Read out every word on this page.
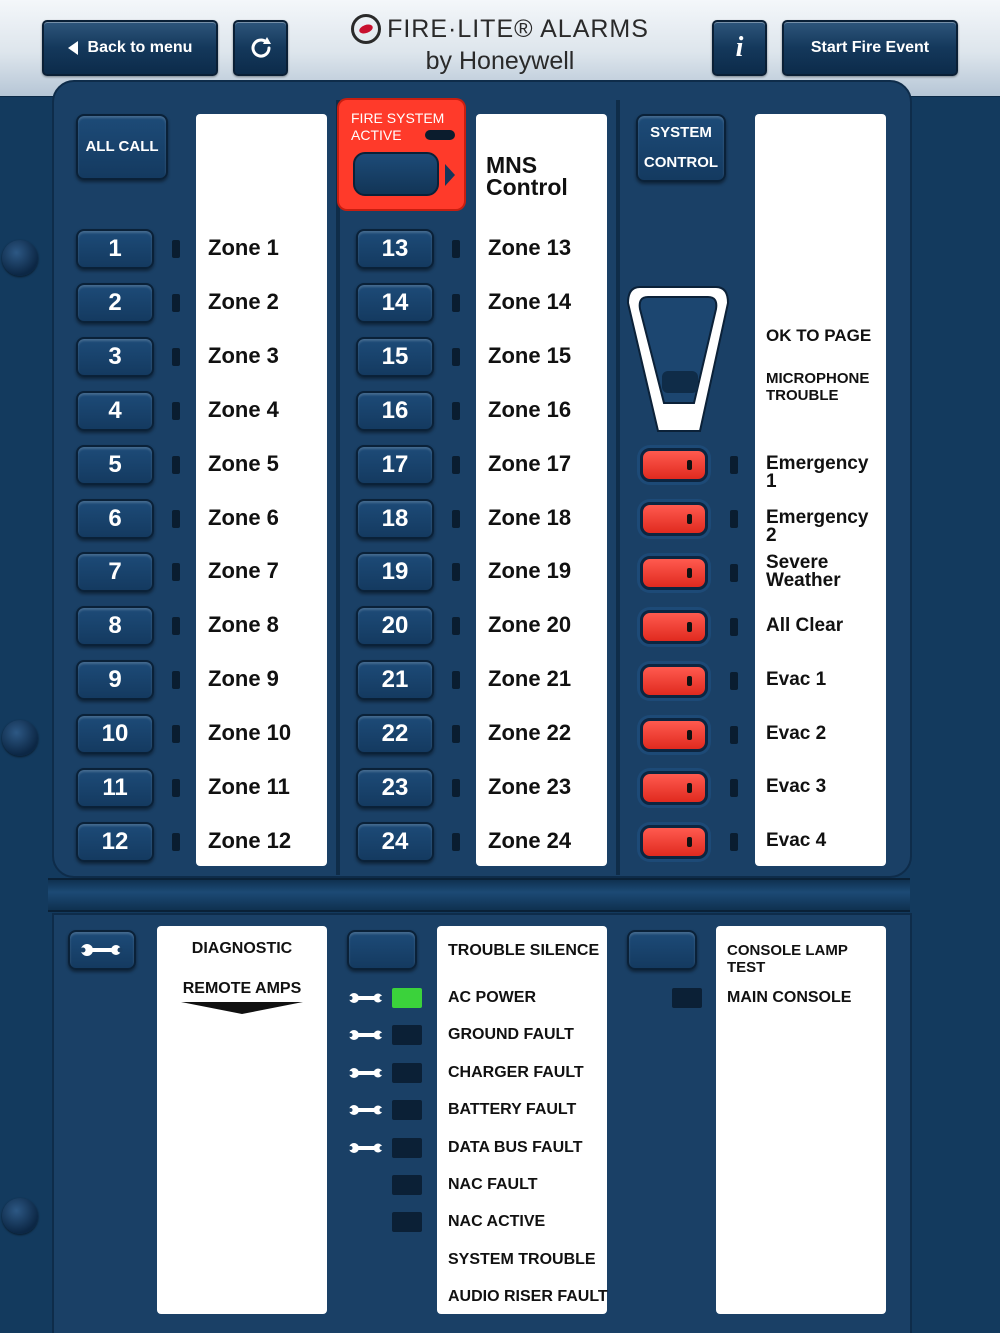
Back to menu
FIRE·LITE® ALARMS
by Honeywell	i	Start Fire Event
ALL CALL
1	Zone 1
2	Zone 2
3	Zone 3
4	Zone 4
5	Zone 5
6	Zone 6
7	Zone 7
8	Zone 8
9	Zone 9
10	Zone 10
11	Zone 11
12	Zone 12
FIRE SYSTEM ACTIVE
MNS Control
13	Zone 13
14	Zone 14
15	Zone 15
16	Zone 16
17	Zone 17
18	Zone 18
19	Zone 19
20	Zone 20
21	Zone 21
22	Zone 22
23	Zone 23
24	Zone 24
SYSTEM
CONTROL
OK TO PAGE
MICROPHONE TROUBLE
MIC
Emergency 1
Emergency 2
Severe Weather
All Clear
Evac 1
Evac 2
Evac 3
Evac 4
DIAGNOSTIC
REMOTE AMPS
TROUBLE SILENCE
AC POWER
GROUND FAULT
CHARGER FAULT
BATTERY FAULT
DATA BUS FAULT
NAC FAULT
NAC ACTIVE
SYSTEM TROUBLE
AUDIO RISER FAULT
CONSOLE LAMP TEST
MAIN CONSOLE
